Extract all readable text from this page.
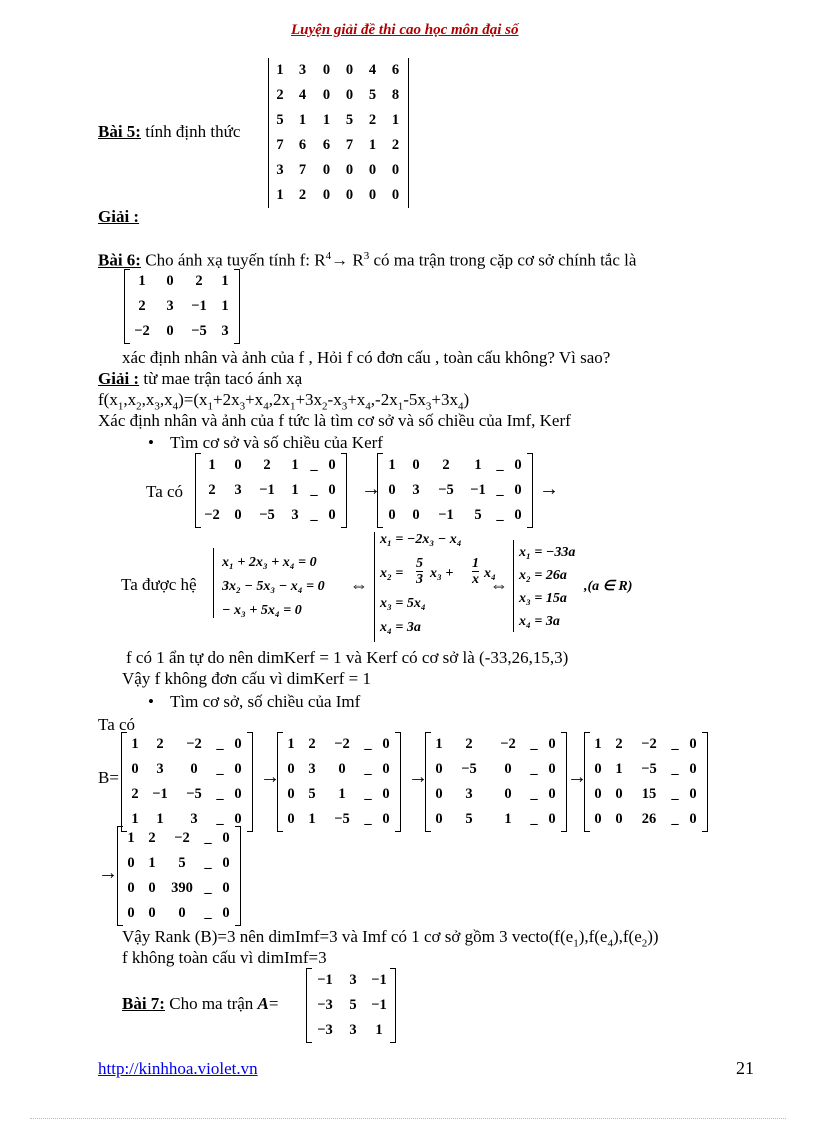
Luyện giải đề thi cao học môn đại số
Bài 5: tính định thức
1	3	0	0	4	6
2	4	0	0	5	8
5	1	1	5	2	1
7	6	6	7	1	2
3	7	0	0	0	0
1	2	0	0	0	0
Giải :
Bài 6: Cho ánh xạ tuyến tính f: $R^4\to R^3$ có ma trận trong cặp cơ sở chính tắc là
1	0	2	1
2	3	−1	1
−2	0	−5	3
xác định nhân và ảnh của f , Hỏi f có đơn cấu , toàn cấu không? Vì sao?
Giải : từ mae trận tacó ánh xạ
$f(x_1,x_2,x_3,x_4)=(x_1+2x_3+x_4,2x_1+3x_2-x_3+x_4,-2x_1-5x_3+3x_4)$
Xác định nhân và ảnh của f tức là tìm cơ sở và số chiều của Imf, Kerf
• Tìm cơ sở và số chiều của Kerf
Ta có
1	0	2	1	_	0
2	3	−1	1	_	0
−2	0	−5	3	_	0
→
1	0	2	1	_	0
0	3	−5	−1	_	0
0	0	−1	5	_	0
→
Ta được hệ
x₁ + 2x₃ + x₄ = 0
3x₂ − 5x₃ − x₄ = 0
− x₃ + 5x₄ = 0
⇔
x₁ = −2x₃ − x₄
x₂ =
5
3 x₃ +
1
x x₄
x₃ = 5x₄
x₄ = 3a
⇔
x₁ = −33a
x₂ = 26a
x₃ = 15a
x₄ = 3a
,(a ∈ R)
f có 1 ẩn tự do nên dimKerf = 1 và Kerf có cơ sở là (-33,26,15,3)
Vậy f không đơn cấu vì dimKerf = 1
• Tìm cơ sở, số chiều của Imf
Ta có
B=
1	2	−2	_	0
0	3	0	_	0
2	−1	−5	_	0
1	1	3	_	0
→
1	2	−2	_	0
0	3	0	_	0
0	5	1	_	0
0	1	−5	_	0
→
1	2	−2	_	0
0	−5	0	_	0
0	3	0	_	0
0	5	1	_	0
→
1	2	−2	_	0
0	1	−5	_	0
0	0	15	_	0
0	0	26	_	0
→
1	2	−2	_	0
0	1	5	_	0
0	0	390	_	0
0	0	0	_	0
Vậy Rank (B)=3 nên dimImf=3 và Imf có 1 cơ sở gồm 3 $vecto(f(e_1),f(e_4),f(e_2))$
f không toàn cấu vì dimImf=3
Bài 7: Cho ma trận A=
−1	3	−1
−3	5	−1
−3	3	1
http://kinhhoa.violet.vn	21
